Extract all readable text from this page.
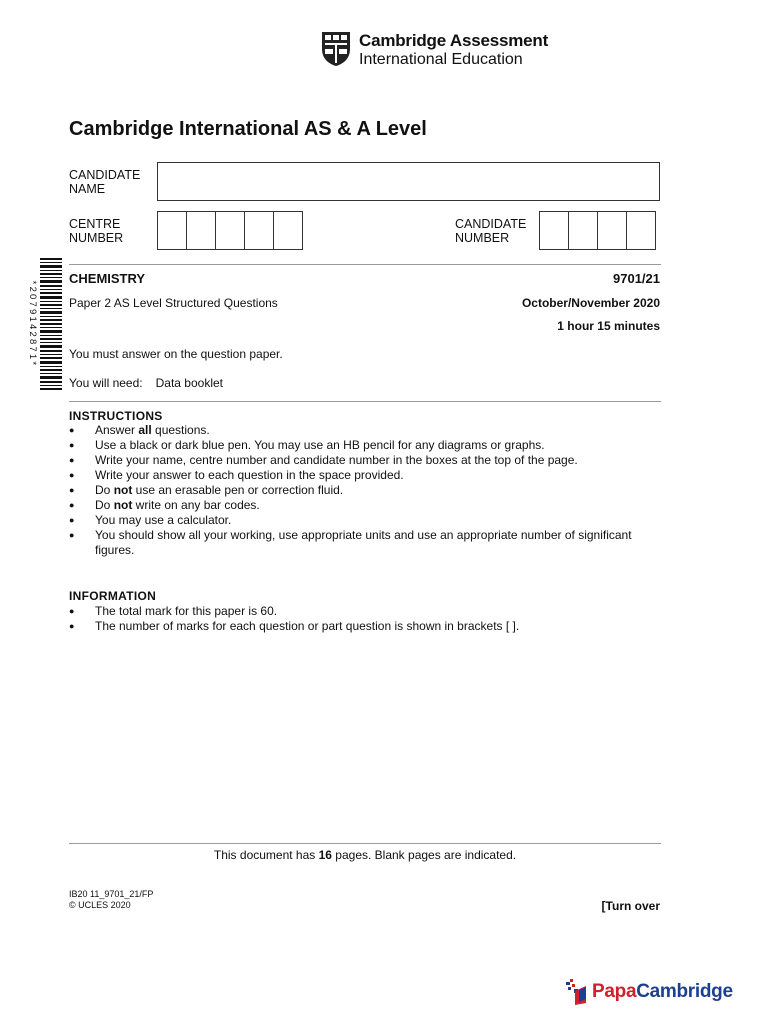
Cambridge Assessment
International Education
Cambridge International AS & A Level
CANDIDATE
NAME
CENTRE
NUMBER
CANDIDATE
NUMBER
CHEMISTRY	9701/21
Paper 2 AS Level Structured Questions	October/November 2020
1 hour 15 minutes
You must answer on the question paper.
You will need: Data booklet
INSTRUCTIONS
● Answer all questions.
● Use a black or dark blue pen. You may use an HB pencil for any diagrams or graphs.
● Write your name, centre number and candidate number in the boxes at the top of the page.
● Write your answer to each question in the space provided.
● Do not use an erasable pen or correction fluid.
● Do not write on any bar codes.
● You may use a calculator.
● You should show all your working, use appropriate units and use an appropriate number of significant figures.
INFORMATION
● The total mark for this paper is 60.
● The number of marks for each question or part question is shown in brackets [ ].
This document has 16 pages. Blank pages are indicated.
IB20 11_9701_21/FP
© UCLES 2020	[Turn over
*2079142871*
PapaCambridge
